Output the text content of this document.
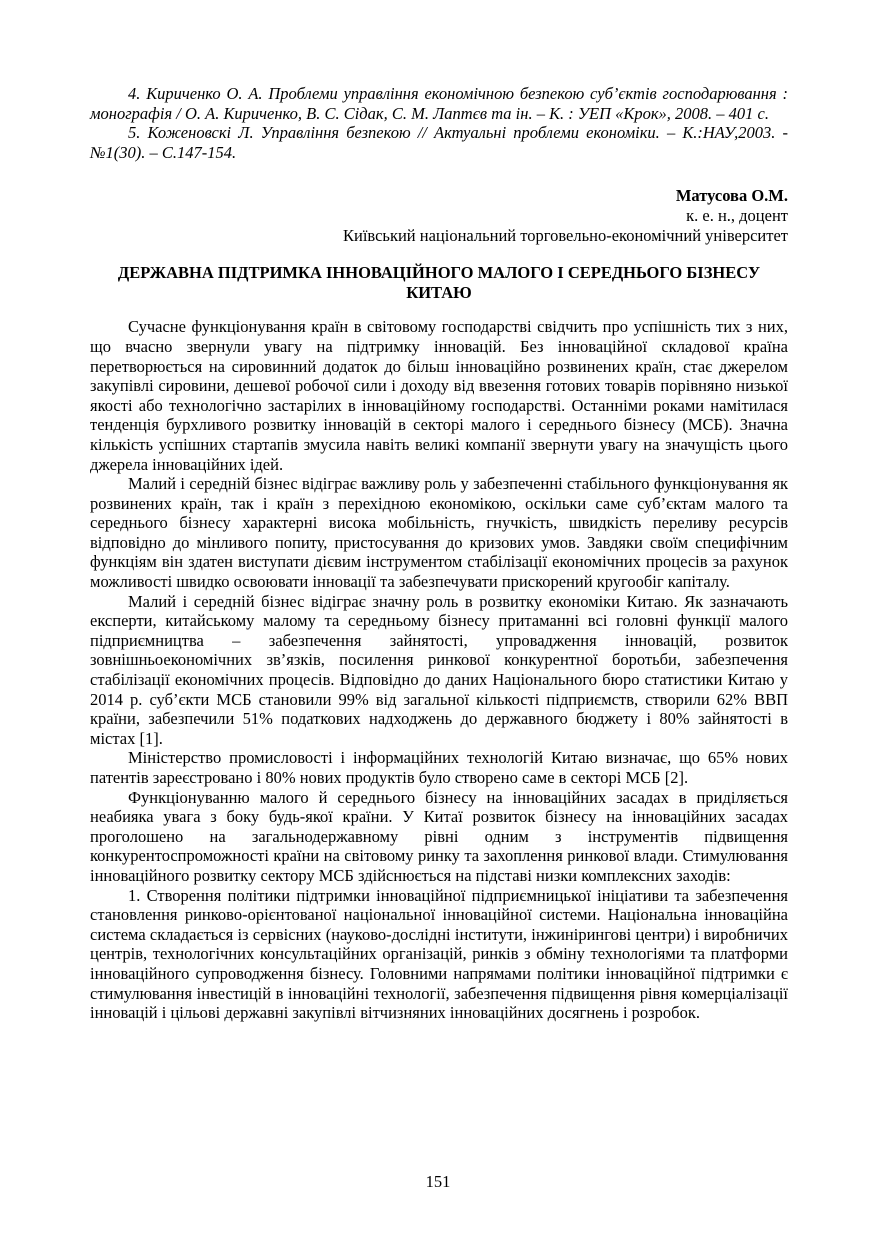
4. Кириченко О. А. Проблеми управління економічною безпекою суб’єктів господарювання : монографія / О. А. Кириченко, В. С. Сідак, С. М. Лаптєв та ін. – К. : УЕП «Крок», 2008. – 401 с.

5. Коженовскі Л. Управління безпекою // Актуальні проблеми економіки. – К.:НАУ,2003. - №1(30). – С.147-154.

Матусова О.М.
к. е. н., доцент
Київський національний торговельно-економічний університет
ДЕРЖАВНА ПІДТРИМКА ІННОВАЦІЙНОГО МАЛОГО І СЕРЕДНЬОГО БІЗНЕСУ КИТАЮ

Сучасне функціонування країн в світовому господарстві свідчить про успішність тих з них, що вчасно звернули увагу на підтримку інновацій. Без інноваційної складової країна перетворюється на сировинний додаток до більш інноваційно розвинених країн, стає джерелом закупівлі сировини, дешевої робочої сили і доходу від ввезення готових товарів порівняно низької якості або технологічно застарілих в інноваційному господарстві. Останніми роками намітилася тенденція бурхливого розвитку інновацій в секторі малого і середнього бізнесу (МСБ). Значна кількість успішних стартапів змусила навіть великі компанії звернути увагу на значущість цього джерела інноваційних ідей.

Малий і середній бізнес відіграє важливу роль у забезпеченні стабільного функціонування як розвинених країн, так і країн з перехідною економікою, оскільки саме суб’єктам малого та середнього бізнесу характерні висока мобільність, гнучкість, швидкість переливу ресурсів відповідно до мінливого попиту, пристосування до кризових умов. Завдяки своїм специфічним функціям він здатен виступати дієвим інструментом стабілізації економічних процесів за рахунок можливості швидко освоювати інновації та забезпечувати прискорений кругообіг капіталу.

Малий і середній бізнес відіграє значну роль в розвитку економіки Китаю. Як зазначають експерти, китайському малому та середньому бізнесу притаманні всі головні функції малого підприємництва – забезпечення зайнятості, упровадження інновацій, розвиток зовнішньоекономічних зв’язків, посилення ринкової конкурентної боротьби, забезпечення стабілізації економічних процесів. Відповідно до даних Національного бюро статистики Китаю у 2014 р. суб’єкти МСБ становили 99% від загальної кількості підприємств, створили 62% ВВП країни, забезпечили 51% податкових надходжень до державного бюджету і 80% зайнятості в містах [1].

Міністерство промисловості і інформаційних технологій Китаю визначає, що 65% нових патентів зареєстровано і 80% нових продуктів було створено саме в секторі МСБ [2].

Функціонуванню малого й середнього бізнесу на інноваційних засадах в приділяється неабияка увага з боку будь-якої країни. У Китаї розвиток бізнесу на інноваційних засадах проголошено на загальнодержавному рівні одним з інструментів підвищення конкурентоспроможності країни на світовому ринку та захоплення ринкової влади. Стимулювання інноваційного розвитку сектору МСБ здійснюється на підставі низки комплексних заходів:

1. Створення політики підтримки інноваційної підприємницької ініціативи та забезпечення становлення ринково-орієнтованої національної інноваційної системи. Національна інноваційна система складається із сервісних (науково-дослідні інститути, інжинірингові центри) і виробничих центрів, технологічних консультаційних організацій, ринків з обміну технологіями та платформи інноваційного супроводження бізнесу. Головними напрямами політики інноваційної підтримки є стимулювання інвестицій в інноваційні технології, забезпечення підвищення рівня комерціалізації інновацій і цільові державні закупівлі вітчизняних інноваційних досягнень і розробок.

151
